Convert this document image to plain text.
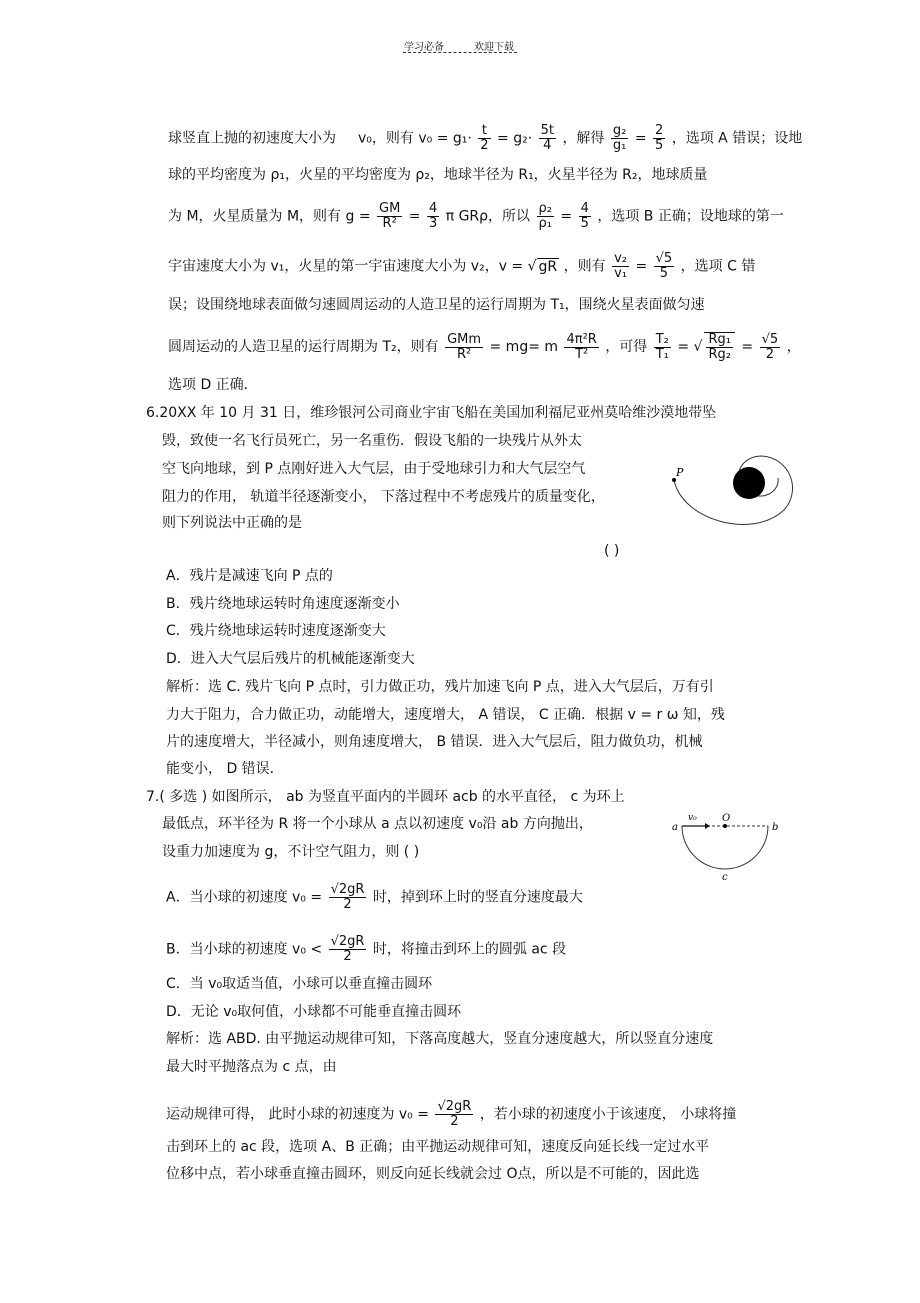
学习必备	欢迎下载
球竖直上抛的初速度大小为 v₀，则有 $v_0 = g_1\cdot \frac{t}{2} = g_2\cdot \frac{5t}{4}$ ，解得 $\frac{\text{g₂}}{\text{g₁}} = \frac{2}{5}$ ，选项 A 错误；设地
球的平均密度为 ρ₁，火星的平均密度为 ρ₂，地球半径为 R₁，火星半径为 R₂，地球质量
为 M，火星质量为 M，则有 $g = \frac{GM}{\text{R²}} = \frac{4}{3}$ π GRρ，所以 $\frac{\text{ρ₂}}{\text{ρ₁}} = \frac{4}{5}$ ，选项 B 正确；设地球的第一
宇宙速度大小为 v₁，火星的第一宇宙速度大小为 v₂，v = √ gR ，则有 $\frac{\text{v₂}}{\text{v₁}} = \frac{√5}{5}$ ，选项 C 错
误；设围绕地球表面做匀速圆周运动的人造卫星的运行周期为 T₁，围绕火星表面做匀速
圆周运动的人造卫星的运行周期为 T₂，则有 GMm
R²	= mg= m $\frac{\text{4π²R}}{\text{T²}}$ ，可得 $\frac{\text{T₂}}{\text{T₁}}$ = √ $\frac{\text{Rg₁}}{\text{Rg₂}} = \frac{√5}{2}$ ，
选项 D 正确．
6.20XX 年 10 月 31 日，维珍银河公司商业宇宙飞船在美国加利福尼亚州莫哈维沙漠地带坠
毁，致使一名飞行员死亡，另一名重伤．假设飞船的一块残片从外太
空飞向地球，到 P 点刚好进入大气层，由于受地球引力和大气层空气
阻力的作用， 轨道半径逐渐变小， 下落过程中不考虑残片的质量变化，
则下列说法中正确的是
( )
P
A．残片是减速飞向 P 点的
B．残片绕地球运转时角速度逐渐变小
C．残片绕地球运转时速度逐渐变大
D．进入大气层后残片的机械能逐渐变大
解析：选 C. 残片飞向 P 点时，引力做正功，残片加速飞向 P 点，进入大气层后，万有引
力大于阻力，合力做正功，动能增大，速度增大， A 错误， C 正确．根据 v = r ω 知，残
片的速度增大，半径减小，则角速度增大， B 错误．进入大气层后，阻力做负功，机械
能变小， D 错误．
7.( 多选 ) 如图所示， ab 为竖直平面内的半圆环 acb 的水平直径， c 为环上
最低点，环半径为 R 将一个小球从 a 点以初速度 v₀沿 ab 方向抛出，
设重力加速度为 g，不计空气阻力，则 ( )
a	b
c
O
v₀
A．当小球的初速度 $v_0 = \frac{√2gR}{2}$ 时，掉到环上时的竖直分速度最大
B．当小球的初速度 $v_0 < \frac{√2gR}{2}$ 时，将撞击到环上的圆弧 ac 段
C．当 v₀取适当值，小球可以垂直撞击圆环
D．无论 v₀取何值，小球都不可能垂直撞击圆环
解析：选 ABD. 由平抛运动规律可知，下落高度越大，竖直分速度越大，所以竖直分速度
最大时平抛落点为 c 点，由
运动规律可得， 此时小球的初速度为 $v_0 = \frac{√2gR}{2}$ ，若小球的初速度小于该速度， 小球将撞
击到环上的 ac 段，选项 A、B 正确；由平抛运动规律可知，速度反向延长线一定过水平
位移中点，若小球垂直撞击圆环，则反向延长线就会过 O点，所以是不可能的，因此选
